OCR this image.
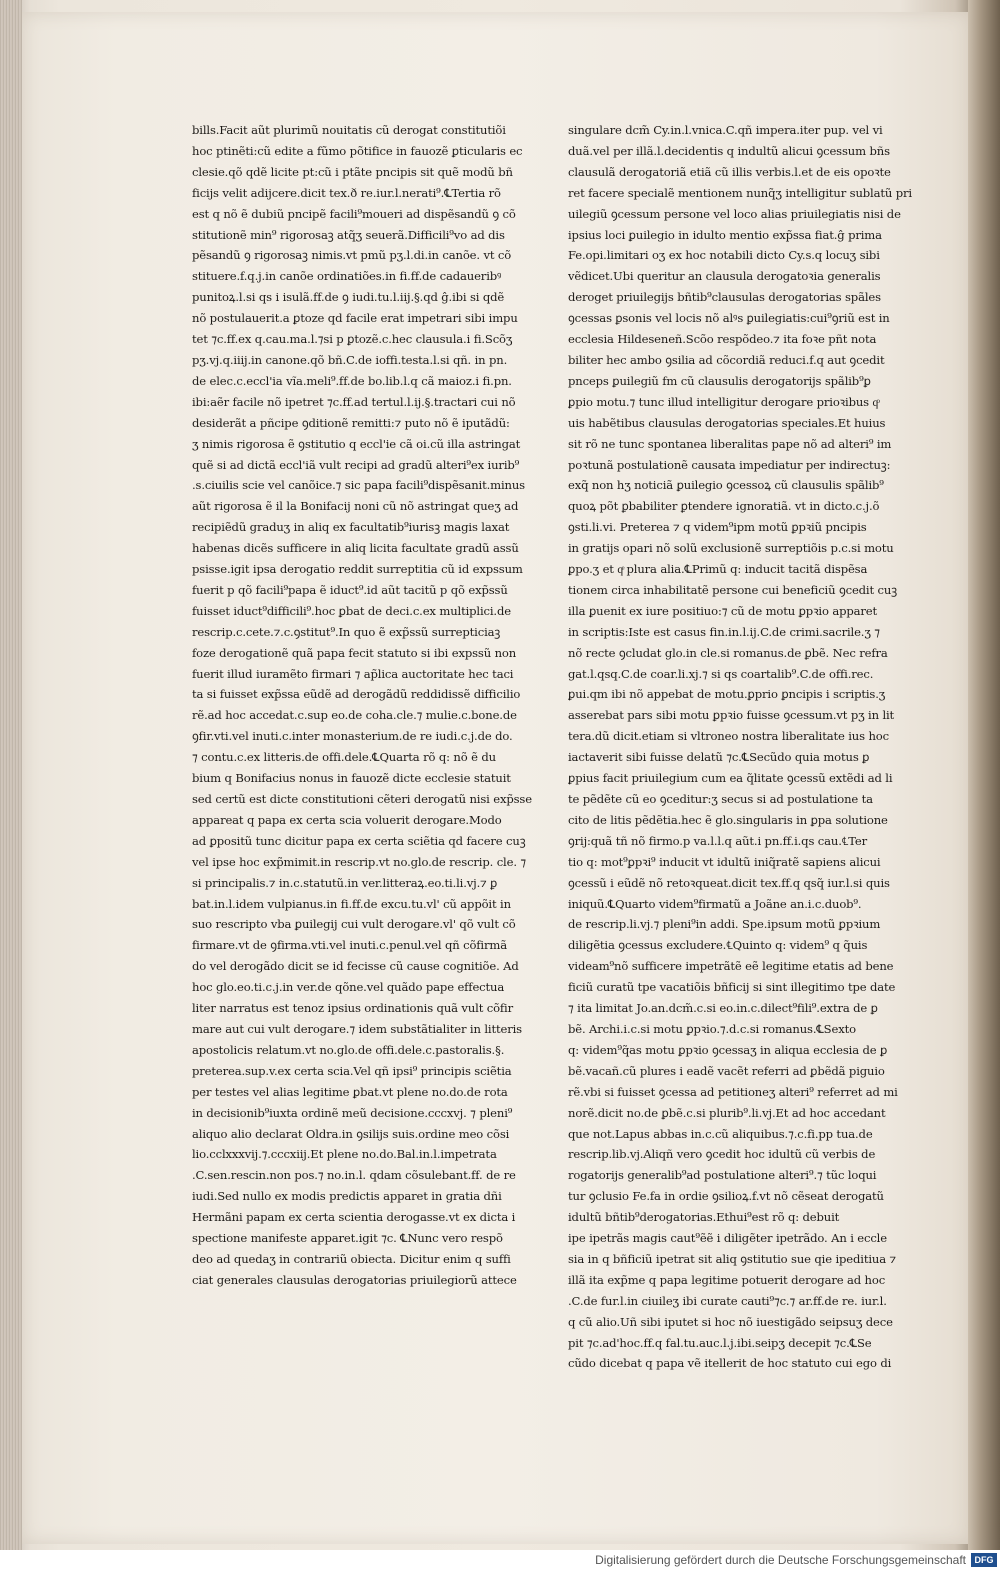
bills.Facit aũt plurimũ nouitatis cũ derogat constitutiõi
hoc ptinẽti:cũ edite a fũmo põtifice in fauozẽ ꝑticularis ec
clesie.qõ qdẽ licite pt:cũ i ptãte pncipis sit quẽ modũ bñ
ficijs velit adijcere.dicit tex.ð re.iur.l.nerati⁹.℄Tertia rõ
est q nõ ẽ dubiũ pncipẽ facili⁹moueri ad dispẽsandũ ꝯ cõ
stitutionẽ min⁹ rigorosaꝫ atq̃ʒ seuerã.Difficili⁹vo ad dis
pẽsandũ ꝯ rigorosaꝫ nimis.vt pmũ pʒ.l.di.in canõe. vt cõ
stituere.f.q.j.in canõe ordinatiões.in fi.ff.de cadaueribꝰ
punitoꝝ.l.si qs i isulã.ff.de ꝯ iudi.tu.l.iij.§.qd ĝ.ibi si qdẽ
nõ postulauerit.a ꝑtoze qd facile erat impetrari sibi impu
tet ⁊c.ff.ex q.cau.ma.l.⁊si p ꝑtozẽ.c.hec clausula.i fi.Scõʒ
pʒ.vj.q.iiij.in canone.qõ bñ.C.de ioffi.testa.l.si qñ. in pn.
de elec.c.eccl'ia vĩa.meli⁹.ff.de bo.lib.l.q cã maioz.i fi.pn.
ibi:aẽr facile nõ ipetret ⁊c.ff.ad tertul.l.ij.§.tractari cui nõ
desiderãt a pñcipe ꝯditionẽ remitti:⁊ puto nõ ẽ iputãdũ:
ʒ nimis rigorosa ẽ ꝯstitutio q eccl'ie cã oi.cũ illa astringat
quẽ si ad dictã eccl'iã vult recipi ad gradũ alteri⁹ex iurib⁹
.s.ciuilis scie vel canõice.⁊ sic papa facili⁹dispẽsanit.minus
aũt rigorosa ẽ il la Bonifacij noni cũ nõ astringat queʒ ad
recipiẽdũ graduʒ in aliq ex facultatib⁹iurisꝫ magis laxat
habenas dicẽs sufficere in aliq licita facultate gradũ assũ
psisse.igit ipsa derogatio reddit surreptitia cũ id expssum
fuerit p qõ facili⁹papa ẽ iduct⁹.id aũt tacitũ p qõ exp̃ssũ
fuisset iduct⁹difficili⁹.hoc ꝑbat de deci.c.ex multiplici.de
rescrip.c.cete.⁊.c.ꝯstitut⁹.In quo ẽ exp̃ssũ surrepticiaꝫ
foze derogationẽ quã papa fecit statuto si ibi expssũ non
fuerit illud iuramẽto firmari ⁊ ap̃lica auctoritate hec taci
ta si fuisset exp̃ssa eũdẽ ad derogãdũ reddidissẽ difficilio
rẽ.ad hoc accedat.c.sup eo.de coha.cle.⁊ mulie.c.bone.de
ꝯfir.vti.vel inuti.c.inter monasterium.de re iudi.c.j.de do.
⁊ contu.c.ex litteris.de offi.dele.℄Quarta rõ q: nõ ẽ du
bium q Bonifacius nonus in fauozẽ dicte ecclesie statuit
sed certũ est dicte constitutioni cẽteri derogatũ nisi exp̃sse
appareat q papa ex certa scia voluerit derogare.Modo
ad ꝑpositũ tunc dicitur papa ex certa sciẽtia qd facere cuꝫ
vel ipse hoc exp̃mimit.in rescrip.vt no.glo.de rescrip. cle. ⁊
si principalis.⁊ in.c.statutũ.in ver.litteraꝝ.eo.ti.li.vj.⁊ ꝑ
bat.in.l.idem vulpianus.in fi.ff.de excu.tu.vl' cũ appõit in
suo rescripto vba ꝑuilegij cui vult derogare.vl' qõ vult cõ
firmare.vt de ꝯfirma.vti.vel inuti.c.penul.vel qñ cõfirmã
do vel derogãdo dicit se id fecisse cũ cause cognitiõe. Ad
hoc glo.eo.ti.c.j.in ver.de qõne.vel quãdo pape effectua
liter narratus est tenoz ipsius ordinationis quã vult cõfir
mare aut cui vult derogare.⁊ idem substãtialiter in litteris
apostolicis relatum.vt no.glo.de offi.dele.c.pastoralis.§.
preterea.sup.v.ex certa scia.Vel qñ ipsi⁹ principis sciẽtia
per testes vel alias legitime ꝑbat.vt plene no.do.de rota
in decisionib⁹iuxta ordinẽ meũ decisione.cccxvj. ⁊ pleni⁹
aliquo alio declarat Oldra.in ꝯsilijs suis.ordine meo cõsi
lio.cclxxxvij.⁊.cccxiij.Et plene no.do.Bal.in.l.impetrata
.C.sen.rescin.non pos.⁊ no.in.l. qdam cõsulebant.ff. de re
iudi.Sed nullo ex modis predictis apparet in gratia dñi
Hermãni papam ex certa scientia derogasse.vt ex dicta i
spectione manifeste apparet.igit ⁊c. ℄Nunc vero respõ
deo ad quedaʒ in contrariũ obiecta. Dicitur enim q suffi
ciat generales clausulas derogatorias priuilegiorũ attece
singulare dcm̃ Cy.in.l.vnica.C.qñ impera.iter pup. vel vi
duã.vel per illã.l.decidentis q indultũ alicui ꝯcessum bñs
clausulã derogatoriã etiã cũ illis verbis.l.et de eis opoꝛte
ret facere specialẽ mentionem nunq̃ʒ intelligitur sublatũ pri
uilegiũ ꝯcessum persone vel loco alias priuilegiatis nisi de
ipsius loci ꝑuilegio in idulto mentio exp̃ssa fiat.ĝ prima
Fe.opi.limitari oʒ ex hoc notabili dicto Cy.s.q locuʒ sibi
vẽdicet.Ubi queritur an clausula derogatoꝛia generalis
deroget priuilegijs bñtib⁹clausulas derogatorias spãles
ꝯcessas ꝑsonis vel locis nõ alꝰs ꝑuilegiatis:cui⁹ꝯriũ est in
ecclesia Hildeseneñ.Scõo respõdeo.⁊ ita foꝛe pñt nota
biliter hec ambo ꝯsilia ad cõcordiã reduci.f.q aut ꝯcedit
pnceps ꝑuilegiũ fm cũ clausulis derogatorijs spãlib⁹ꝑ
ꝑpio motu.⁊ tunc illud intelligitur derogare prioꝛibus qͦ
uis habẽtibus clausulas derogatorias speciales.Et huius
sit rõ ne tunc spontanea liberalitas pape nõ ad alteri⁹ im
poꝛtunã postulationẽ causata impediatur per indirectuꝫ:
exq̃ non hʒ noticiã ꝑuilegio ꝯcessoꝝ cũ clausulis spãlib⁹
quoꝝ põt ꝑbabiliter ꝑtendere ignoratiã. vt in dicto.c.j.õ
ꝯsti.li.vi. Preterea ⁊ q videm⁹ipm motũ ꝑpꝛiũ pncipis
in gratijs opari nõ solũ exclusionẽ surreptiõis p.c.si motu
ꝑpo.ʒ et qͤ plura alia.℄Primũ q: inducit tacitã dispẽsa
tionem circa inhabilitatẽ persone cui beneficiũ ꝯcedit cuꝫ
illa ꝑuenit ex iure positiuo:⁊ cũ de motu ꝑpꝛio apparet
in scriptis:Iste est casus fin.in.l.ij.C.de crimi.sacrile.ʒ ⁊
nõ recte ꝯcludat glo.in cle.si romanus.de ꝑbẽ. Nec refra
gat.l.qsq.C.de coar.li.xj.⁊ si qs coartalib⁹.C.de offi.rec.
ꝑui.qm ibi nõ appebat de motu.ꝑprio ꝑncipis i scriptis.ʒ
asserebat pars sibi motu ꝑpꝛio fuisse ꝯcessum.vt pʒ in lit
tera.dũ dicit.etiam si vltroneo nostra liberalitate ius hoc
iactaverit sibi fuisse delatũ ⁊c.℄Secũdo quia motus ꝑ
ꝑpius facit priuilegium cum ea q̃litate ꝯcessũ extẽdi ad li
te pẽdẽte cũ eo ꝯceditur:ʒ secus si ad postulatione ta
cito de litis pẽdẽtia.hec ẽ glo.singularis in ꝑpa solutione
ꝯrij:quã tñ nõ firmo.p va.l.l.q aũt.i pn.ff.i.qs cau.℄Ter
tio q: mot⁹ꝑpꝛi⁹ inducit vt idultũ iniq̃ratẽ sapiens alicui
ꝯcessũ i eũdẽ nõ retoꝛqueat.dicit tex.ff.q qsq̃ iur.l.si quis
iniquũ.℄Quarto videm⁹firmatũ a Joãne an.i.c.duob⁹.
de rescrip.li.vj.⁊ pleni⁹in addi. Spe.ipsum motũ ꝑpꝛium
diligẽtia ꝯcessus excludere.℄Quinto q: videm⁹ q q̃uis
videam⁹nõ sufficere impetrãtẽ eẽ legitime etatis ad bene
ficiũ curatũ tpe vacatiõis bñficij si sint illegitimo tpe date
⁊ ita limitat Jo.an.dcm̃.c.si eo.in.c.dilect⁹fili⁹.extra de ꝑ
bẽ. Archi.i.c.si motu ꝑpꝛio.⁊.d.c.si romanus.℄Sexto
q: videm⁹q̃as motu ꝑpꝛio ꝯcessaʒ in aliqua ecclesia de ꝑ
bẽ.vacañ.cũ plures i eadẽ vacẽt referri ad ꝑbẽdã piguio
rẽ.vbi si fuisset ꝯcessa ad petitioneʒ alteri⁹ referret ad mi
norẽ.dicit no.de ꝑbẽ.c.si plurib⁹.li.vj.Et ad hoc accedant
que not.Lapus abbas in.c.cũ aliquibus.⁊.c.fi.pp tua.de
rescrip.lib.vj.Aliqñ vero ꝯcedit hoc idultũ cũ verbis de
rogatorijs generalib⁹ad postulatione alteri⁹.⁊ tũc loqui
tur ꝯclusio Fe.fa in ordie ꝯsilioꝝ.f.vt nõ cẽseat derogatũ
idultũ bñtib⁹derogatorias.Ethui⁹est rõ q: debuit
ipe ipetrãs magis caut⁹ẽẽ i diligẽter ipetrãdo. An i eccle
sia in q bñficiũ ipetrat sit aliq ꝯstitutio sue qie ipeditiua ⁊
illã ita exp̃me q papa legitime potuerit derogare ad hoc
.C.de fur.l.in ciuileʒ ibi curate cauti⁹⁊c.⁊ ar.ff.de re. iur.l.
q cũ alio.Uñ sibi iputet si hoc nõ iuestigãdo seipsuʒ dece
pit ⁊c.ad'hoc.ff.q fal.tu.auc.l.j.ibi.seipʒ decepit ⁊c.℄Se
cũdo dicebat q papa vẽ itellerit de hoc statuto cui ego di
Digitalisierung gefördert durch die Deutsche Forschungsgemeinschaft DFG
